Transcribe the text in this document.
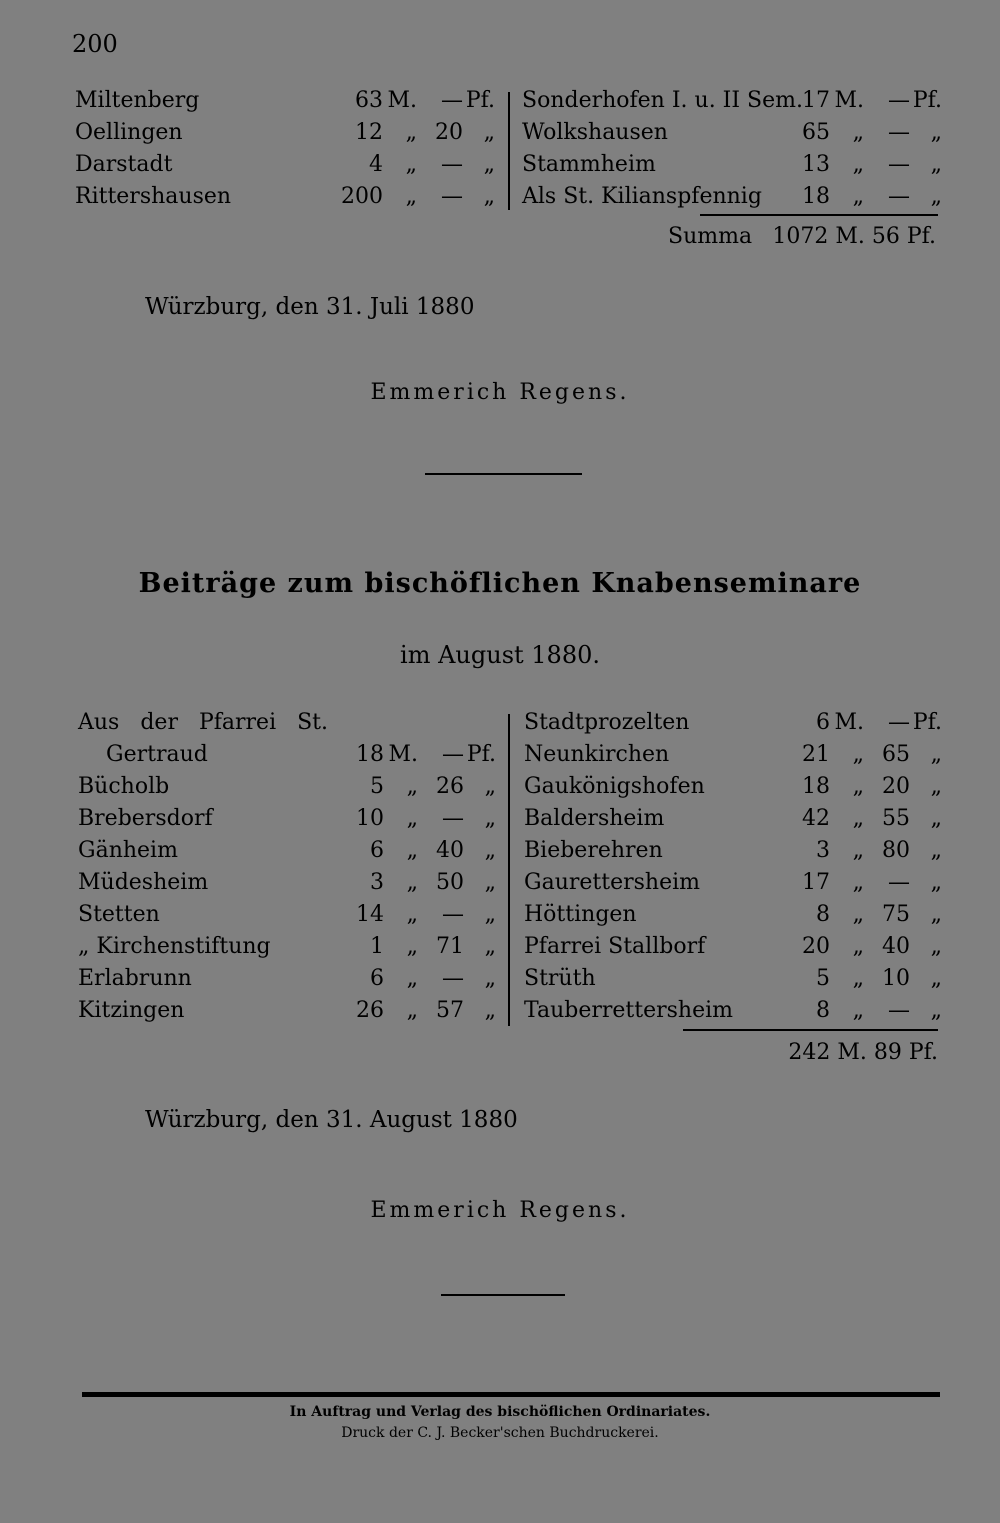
200
Miltenberg	63 M. — Pf.
Oellingen	12 „ 20 „
Darstadt	4 „ — „
Rittershausen	200 „ — „
Sonderhofen I. u. II Sem. 17 M. — Pf.
Wolkshausen	65 „ — „
Stammheim	13 „ — „
Als St. Kilianspfennig 18 „ — „
Summa 1072 M. 56 Pf.
Würzburg, den 31. Juli 1880
Emmerich Regens.
Beiträge zum bischöflichen Knabenseminare
im August 1880.
Aus der Pfarrei St.
Gertraud	18 M. — Pf.
Bücholb	5 „ 26 „
Brebersdorf	10 „ — „
Gänheim	6 „ 40 „
Müdesheim	3 „ 50 „
Stetten	14 „ — „
„ Kirchenstiftung	1 „ 71 „
Erlabrunn	6 „ — „
Kitzingen	26 „ 57 „
Stadtprozelten	6 M. — Pf.
Neunkirchen	21 „ 65 „
Gaukönigshofen	18 „ 20 „
Baldersheim	42 „ 55 „
Bieberehren	3 „ 80 „
Gaurettersheim	17 „ — „
Höttingen	8 „ 75 „
Pfarrei Stallborf	20 „ 40 „
Strüth	5 „ 10 „
Tauberrettersheim	8 „ — „
242 M. 89 Pf.
Würzburg, den 31. August 1880
Emmerich Regens.
In Auftrag und Verlag des bischöflichen Ordinariates.
Druck der C. J. Becker'schen Buchdruckerei.
